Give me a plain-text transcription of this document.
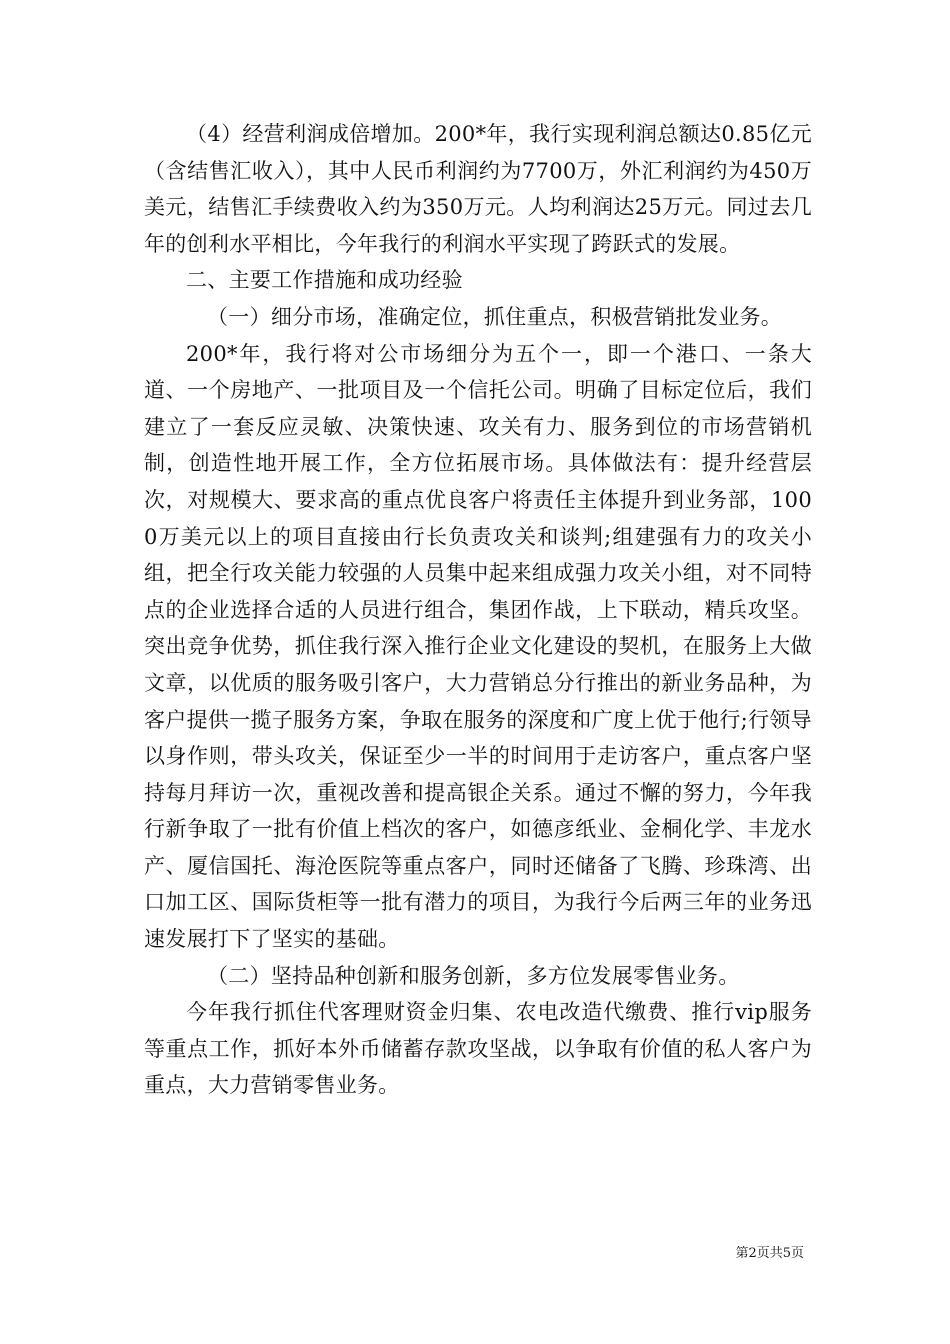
（4）经营利润成倍增加。200*年，我行实现利润总额达0.85亿元（含结售汇收入），其中人民币利润约为7700万，外汇利润约为450万美元，结售汇手续费收入约为350万元。人均利润达25万元。同过去几年的创利水平相比，今年我行的利润水平实现了跨跃式的发展。

二、主要工作措施和成功经验

（一）细分市场，准确定位，抓住重点，积极营销批发业务。

200*年，我行将对公市场细分为五个一，即一个港口、一条大道、一个房地产、一批项目及一个信托公司。明确了目标定位后，我们建立了一套反应灵敏、决策快速、攻关有力、服务到位的市场营销机制，创造性地开展工作，全方位拓展市场。具体做法有：提升经营层次，对规模大、要求高的重点优良客户将责任主体提升到业务部，1000万美元以上的项目直接由行长负责攻关和谈判;组建强有力的攻关小组，把全行攻关能力较强的人员集中起来组成强力攻关小组，对不同特点的企业选择合适的人员进行组合，集团作战，上下联动，精兵攻坚。突出竞争优势，抓住我行深入推行企业文化建设的契机，在服务上大做文章，以优质的服务吸引客户，大力营销总分行推出的新业务品种，为客户提供一揽子服务方案，争取在服务的深度和广度上优于他行;行领导以身作则，带头攻关，保证至少一半的时间用于走访客户，重点客户坚持每月拜访一次，重视改善和提高银企关系。通过不懈的努力，今年我行新争取了一批有价值上档次的客户，如德彦纸业、金桐化学、丰龙水产、厦信国托、海沧医院等重点客户，同时还储备了飞腾、珍珠湾、出口加工区、国际货柜等一批有潜力的项目，为我行今后两三年的业务迅速发展打下了坚实的基础。

（二）坚持品种创新和服务创新，多方位发展零售业务。

今年我行抓住代客理财资金归集、农电改造代缴费、推行vip服务等重点工作，抓好本外币储蓄存款攻坚战，以争取有价值的私人客户为重点，大力营销零售业务。

第2页共5页
